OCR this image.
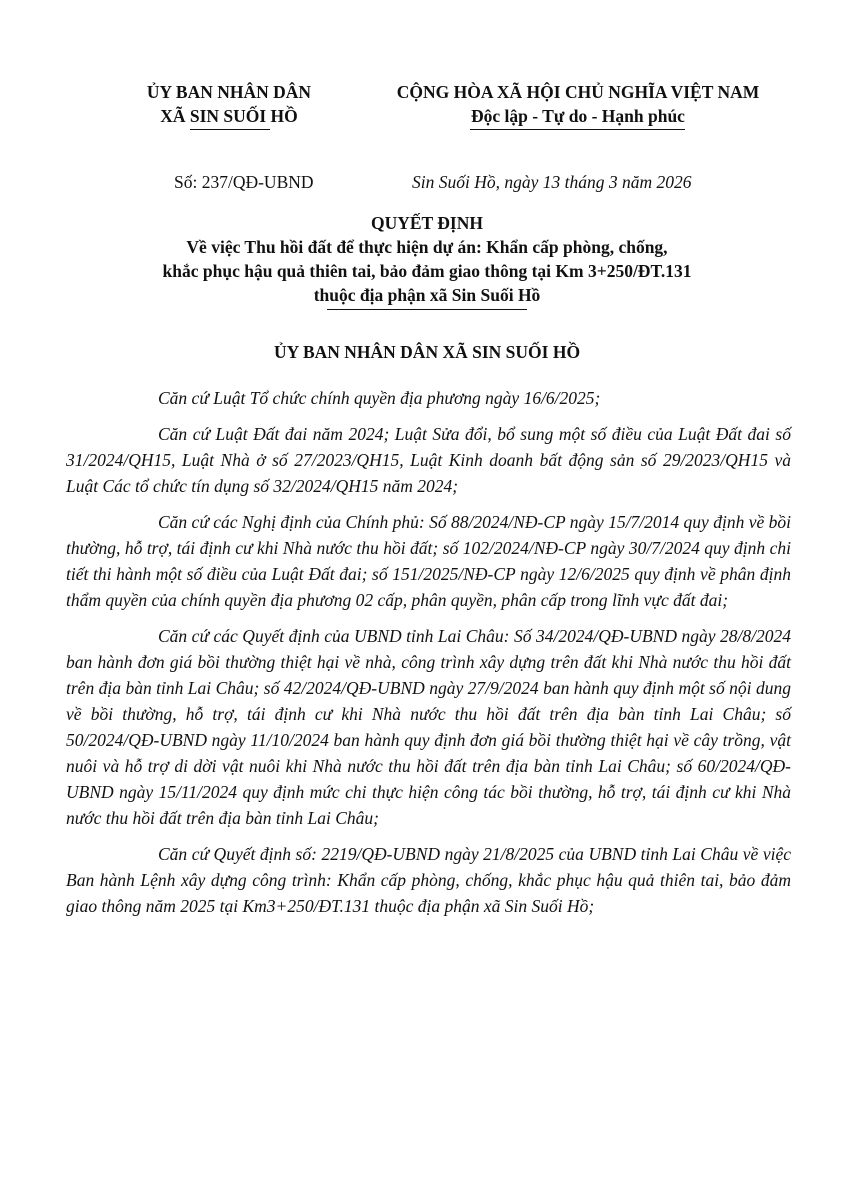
ỦY BAN NHÂN DÂN
XÃ SIN SUỐI HỒ
CỘNG HÒA XÃ HỘI CHỦ NGHĨA VIỆT NAM
Độc lập - Tự do - Hạnh phúc
Số: 237/QĐ-UBND	Sin Suối Hồ, ngày 13 tháng 3 năm 2026
QUYẾT ĐỊNH
Về việc Thu hồi đất để thực hiện dự án: Khẩn cấp phòng, chống,
khắc phục hậu quả thiên tai, bảo đảm giao thông tại Km 3+250/ĐT.131
thuộc địa phận xã Sin Suối Hồ
ỦY BAN NHÂN DÂN XÃ SIN SUỐI HỒ

Căn cứ Luật Tổ chức chính quyền địa phương ngày 16/6/2025;

Căn cứ Luật Đất đai năm 2024; Luật Sửa đổi, bổ sung một số điều của Luật Đất đai số 31/2024/QH15, Luật Nhà ở số 27/2023/QH15, Luật Kinh doanh bất động sản số 29/2023/QH15 và Luật Các tổ chức tín dụng số 32/2024/QH15 năm 2024;

Căn cứ các Nghị định của Chính phủ: Số 88/2024/NĐ-CP ngày 15/7/2014 quy định về bồi thường, hỗ trợ, tái định cư khi Nhà nước thu hồi đất; số 102/2024/NĐ-CP ngày 30/7/2024 quy định chi tiết thi hành một số điều của Luật Đất đai; số 151/2025/NĐ-CP ngày 12/6/2025 quy định về phân định thẩm quyền của chính quyền địa phương 02 cấp, phân quyền, phân cấp trong lĩnh vực đất đai;

Căn cứ các Quyết định của UBND tỉnh Lai Châu: Số 34/2024/QĐ-UBND ngày 28/8/2024 ban hành đơn giá bồi thường thiệt hại về nhà, công trình xây dựng trên đất khi Nhà nước thu hồi đất trên địa bàn tỉnh Lai Châu; số 42/2024/QĐ-UBND ngày 27/9/2024 ban hành quy định một số nội dung về bồi thường, hỗ trợ, tái định cư khi Nhà nước thu hồi đất trên địa bàn tỉnh Lai Châu; số 50/2024/QĐ-UBND ngày 11/10/2024 ban hành quy định đơn giá bồi thường thiệt hại về cây trồng, vật nuôi và hỗ trợ di dời vật nuôi khi Nhà nước thu hồi đất trên địa bàn tỉnh Lai Châu; số 60/2024/QĐ-UBND ngày 15/11/2024 quy định mức chi thực hiện công tác bồi thường, hỗ trợ, tái định cư khi Nhà nước thu hồi đất trên địa bàn tỉnh Lai Châu;

Căn cứ Quyết định số: 2219/QĐ-UBND ngày 21/8/2025 của UBND tỉnh Lai Châu về việc Ban hành Lệnh xây dựng công trình: Khẩn cấp phòng, chống, khắc phục hậu quả thiên tai, bảo đảm giao thông năm 2025 tại Km3+250/ĐT.131 thuộc địa phận xã Sin Suối Hồ;
